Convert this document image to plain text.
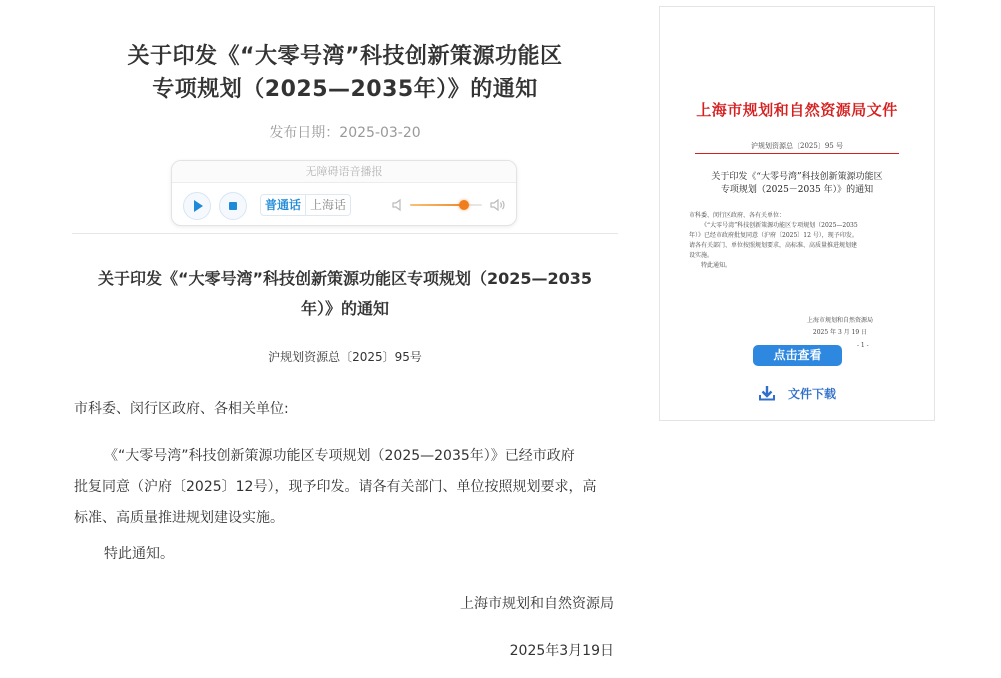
关于印发《“大零号湾”科技创新策源功能区
专项规划（2025—2035年）》的通知
发布日期：2025-03-20
无障碍语音播报
普通话 上海话
关于印发《“大零号湾”科技创新策源功能区专项规划（2025—2035
年）》的通知
沪规划资源总〔2025〕95号
市科委、闵行区政府、各相关单位:
《“大零号湾”科技创新策源功能区专项规划（2025—2035年）》已经市政府
批复同意（沪府〔2025〕12号），现予印发。请各有关部门、单位按照规划要求，高
标准、高质量推进规划建设实施。
特此通知。
上海市规划和自然资源局
2025年3月19日
上海市规划和自然资源局文件
沪规划资源总〔2025〕95 号
关于印发《“大零号湾”科技创新策源功能区
专项规划（2025－2035 年）》的通知
市科委、闵行区政府、各有关单位：
《“大零号湾”科技创新策源功能区专项规划（2025—2035
年）》已经市政府批复同意（沪府〔2025〕12 号），现予印发。
请各有关部门、单位按照规划要求，高标准、高质量推进规划建
设实施。
特此通知。
上海市规划和自然资源局
2025 年 3 月 19 日
- 1 -
点击查看
文件下载
